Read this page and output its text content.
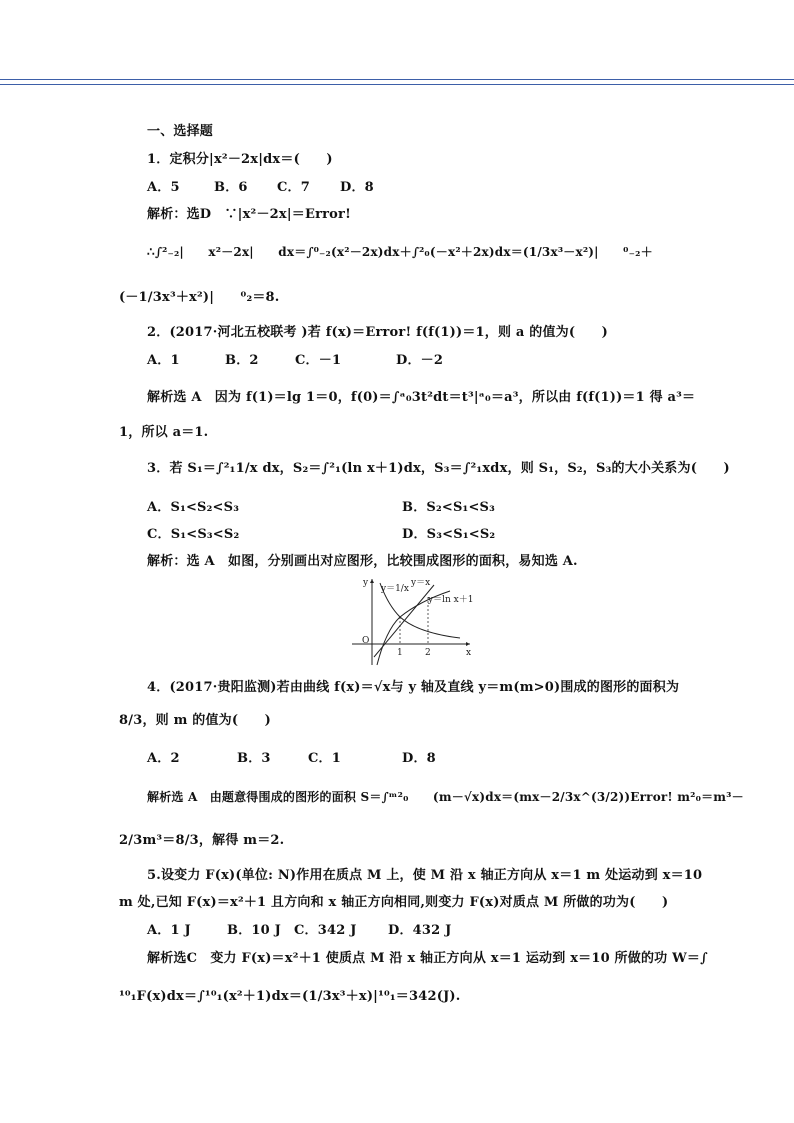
一、选择题
1．定积分|x²－2x|dx＝(　　)
A．5	B．6 C．7 D．8
解析：选D　∵|x²－2x|＝Error!
∴∫²₋₂|　　x²－2x|　　dx＝∫⁰₋₂(x²－2x)dx＋∫²₀(－x²＋2x)dx＝(1/3x³－x²)|　　⁰₋₂＋
(－1/3x³＋x²)|　　⁰₂＝8.
2．(2017·河北五校联考 )若 f(x)＝Error! f(f(1))＝1，则 a 的值为(　　)
A．1	B．2	C．－1	D．－2
解析选 A　因为 f(1)＝lg 1＝0，f(0)＝∫ᵃ₀3t²dt＝t³|ᵃ₀＝a³，所以由 f(f(1))＝1 得 a³＝
1，所以 a＝1.
3．若 S₁＝∫²₁1/x dx，S₂＝∫²₁(ln x＋1)dx，S₃＝∫²₁xdx，则 S₁，S₂，S₃的大小关系为(　　)
A．S₁<S₂<S₃	B．S₂<S₁<S₃
C．S₁<S₃<S₂	D．S₃<S₁<S₂
解析：选 A　如图，分别画出对应图形，比较围成图形的面积，易知选 A.
y
x
O
1 2
y＝1/x
y＝x
y＝ln x＋1
4．(2017·贵阳监测)若由曲线 f(x)＝√x与 y 轴及直线 y＝m(m>0)围成的图形的面积为
8/3，则 m 的值为(　　)
A．2	B．3	C．1	D．8
解析选 A　由题意得围成的图形的面积 S＝∫ᵐ²₀　　(m－√x)dx＝(mx－2/3x^(3/2))Error! m²₀＝m³－
2/3m³＝8/3，解得 m＝2.
5.设变力 F(x)(单位: N)作用在质点 M 上，使 M 沿 x 轴正方向从 x＝1 m 处运动到 x＝10
m 处,已知 F(x)＝x²＋1 且方向和 x 轴正方向相同,则变力 F(x)对质点 M 所做的功为(　　)
A．1 J	B．10 J C．342 J D．432 J
解析选C　变力 F(x)＝x²＋1 使质点 M 沿 x 轴正方向从 x＝1 运动到 x＝10 所做的功 W＝∫
¹⁰₁F(x)dx＝∫¹⁰₁(x²＋1)dx＝(1/3x³＋x)|¹⁰₁＝342(J).
